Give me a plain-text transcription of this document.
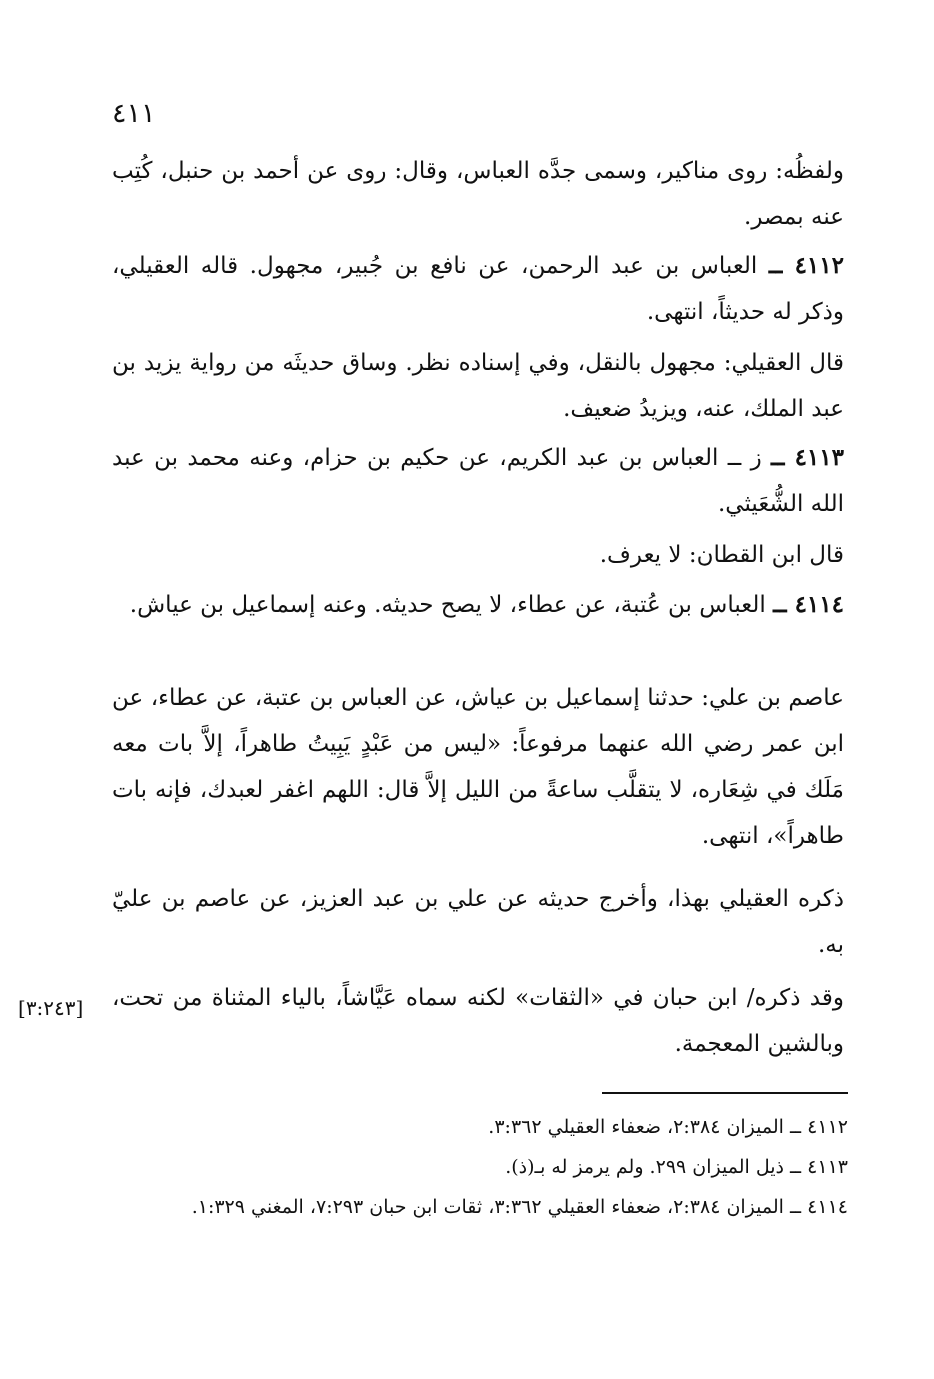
٤١١

ولفظُه: روى مناكير، وسمى جدَّه العباس، وقال: روى عن أحمد بن حنبل، كُتِب عنه بمصر.

٤١١٢ ــ العباس بن عبد الرحمن، عن نافع بن جُبير، مجهول. قاله العقيلي، وذكر له حديثاً، انتهى.

قال العقيلي: مجهول بالنقل، وفي إسناده نظر. وساق حديثَه من رواية يزيد بن عبد الملك، عنه، ويزيدُ ضعيف.

٤١١٣ ــ ز ــ العباس بن عبد الكريم، عن حكيم بن حزام، وعنه محمد بن عبد الله الشُّعَيثي.

قال ابن القطان: لا يعرف.

٤١١٤ ــ العباس بن عُتبة، عن عطاء، لا يصح حديثه. وعنه إسماعيل بن عياش.

عاصم بن علي: حدثنا إسماعيل بن عياش، عن العباس بن عتبة، عن عطاء، عن ابن عمر رضي الله عنهما مرفوعاً: «ليس من عَبْدٍ يَبِيتُ طاهراً، إلاَّ بات معه مَلَك في شِعَاره، لا يتقلَّب ساعةً من الليل إلاَّ قال: اللهم اغفر لعبدك، فإنه بات طاهراً»، انتهى.

ذكره العقيلي بهذا، وأخرج حديثه عن علي بن عبد العزيز، عن عاصم بن عليّ به.

وقد ذكره/ ابن حبان في «الثقات» لكنه سماه عَيَّاشاً، بالياء المثناة من تحت، وبالشين المعجمة.

[٣:٢٤٣]
٤١١٢ ــ الميزان ٢:٣٨٤، ضعفاء العقيلي ٣:٣٦٢.
٤١١٣ ــ ذيل الميزان ٢٩٩. ولم يرمز له بـ(ذ).
٤١١٤ ــ الميزان ٢:٣٨٤، ضعفاء العقيلي ٣:٣٦٢، ثقات ابن حبان ٧:٢٩٣، المغني ١:٣٢٩.
